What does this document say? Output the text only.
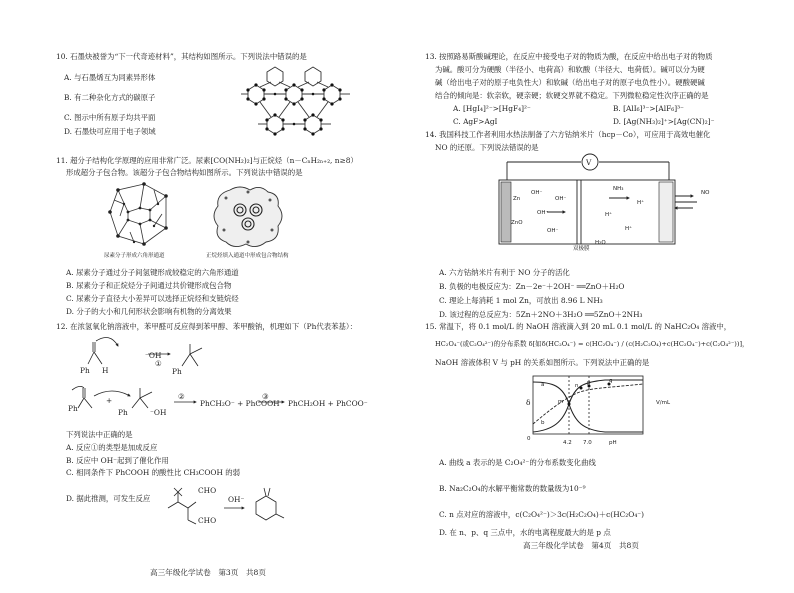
10. 石墨炔被誉为“下一代奇迹材料”，其结构如图所示。下列说法中错误的是
A. 与石墨烯互为同素异形体
B. 有二种杂化方式的碳原子
C. 图示中所有原子均共平面
D. 石墨炔可应用于电子领域
11. 超分子结构化学原理的应用非常广泛。尿素[CO(NH₂)₂]与正烷烃（n－CₙH₂ₙ₊₂, n≥8）
形成超分子包合物。该超分子包合物结构如图所示。下列说法中错误的是
尿素分子形成六角形通道	正烷烃填入通道中形成包合物结构
A. 尿素分子通过分子间氢键形成较稳定的六角形通道
B. 尿素分子和正烷烃分子间通过共价键形成包合物
C. 尿素分子直径大小差异可以选择正烷烃和支链烷烃
D. 分子的大小和几何形状会影响有机物的分离效果
12. 在浓氢氧化钠溶液中，苯甲醛可反应得到苯甲醇、苯甲酸钠，机理如下（Ph代表苯基）：
Ph H
⁻OH
①
Ph
Ph
+
Ph	⁻OH
②
PhCH₂O⁻ + PhCOOH
③
PhCH₂OH + PhCOO⁻
下列说法中正确的是
A. 反应①的类型是加成反应
B. 反应中 OH⁻起到了催化作用
C. 相同条件下 PhCOOH 的酸性比 CH₃COOH 的弱
D. 据此推测，可发生反应
CHO
CHO
OH⁻
高三年级化学试卷　第3页　共8页
13. 按照路易斯酸碱理论，在反应中接受电子对的物质为酸，在反应中给出电子对的物质
为碱。酸可分为硬酸（半径小、电荷高）和软酸（半径大、电荷低）。碱可以分为硬
碱（给出电子对的原子电负性大）和软碱（给出电子对的原子电负性小）。硬酸硬碱
结合的倾向是：软亲软，硬亲硬；软硬交界就不稳定。下列微粒稳定性次序正确的是
A. [HgI₄]²⁻>[HgF₄]²⁻	B. [AlI₆]³⁻>[AlF₆]³⁻
C. AgF>AgI	D. [Ag(NH₃)₂]⁺>[Ag(CN)₂]⁻
14. 我国科技工作者利用水热法制备了六方钴纳米片（hcp－Co），可应用于高效电催化
NO 的还原。下列说法错误的是
V
Zn
ZnO
OH⁻
OH⁻
OH⁻
OH⁻
H⁺
H⁺
H⁺
NH₃
H₂O
NO
双极膜
A. 六方钴纳米片有利于 NO 分子的活化
B. 负极的电极反应为：Zn－2e⁻＋2OH⁻ ══ZnO＋H₂O
C. 理论上每消耗 1 mol Zn，可放出 8.96 L NH₃
D. 该过程的总反应为：5Zn＋2NO＋3H₂O ══5ZnO＋2NH₃
15. 常温下，将 0.1 mol/L 的 NaOH 溶液滴入到 20 mL 0.1 mol/L 的 NaHC₂O₄ 溶液中，
HC₂O₄⁻(或C₂O₄²⁻)的分布系数 δ[如δ(HC₂O₄⁻) = c(HC₂O₄⁻) / (c(H₂C₂O₄)+c(HC₂O₄⁻)+c(C₂O₄²⁻))]，
NaOH 溶液体积 V 与 pH 的关系如图所示。下列说法中正确的是
δ	V/mL
m
n p	q
a
b
0
4.2 7.0	pH
A. 曲线 a 表示的是 C₂O₄²⁻的分布系数变化曲线
B. Na₂C₂O₄的水解平衡常数的数量级为10⁻⁹
C. n 点对应的溶液中，c(C₂O₄²⁻)＞3c(H₂C₂O₄)＋c(HC₂O₄⁻)
D. 在 n、p、q 三点中，水的电离程度最大的是 p 点
高三年级化学试卷　第4页　共8页
